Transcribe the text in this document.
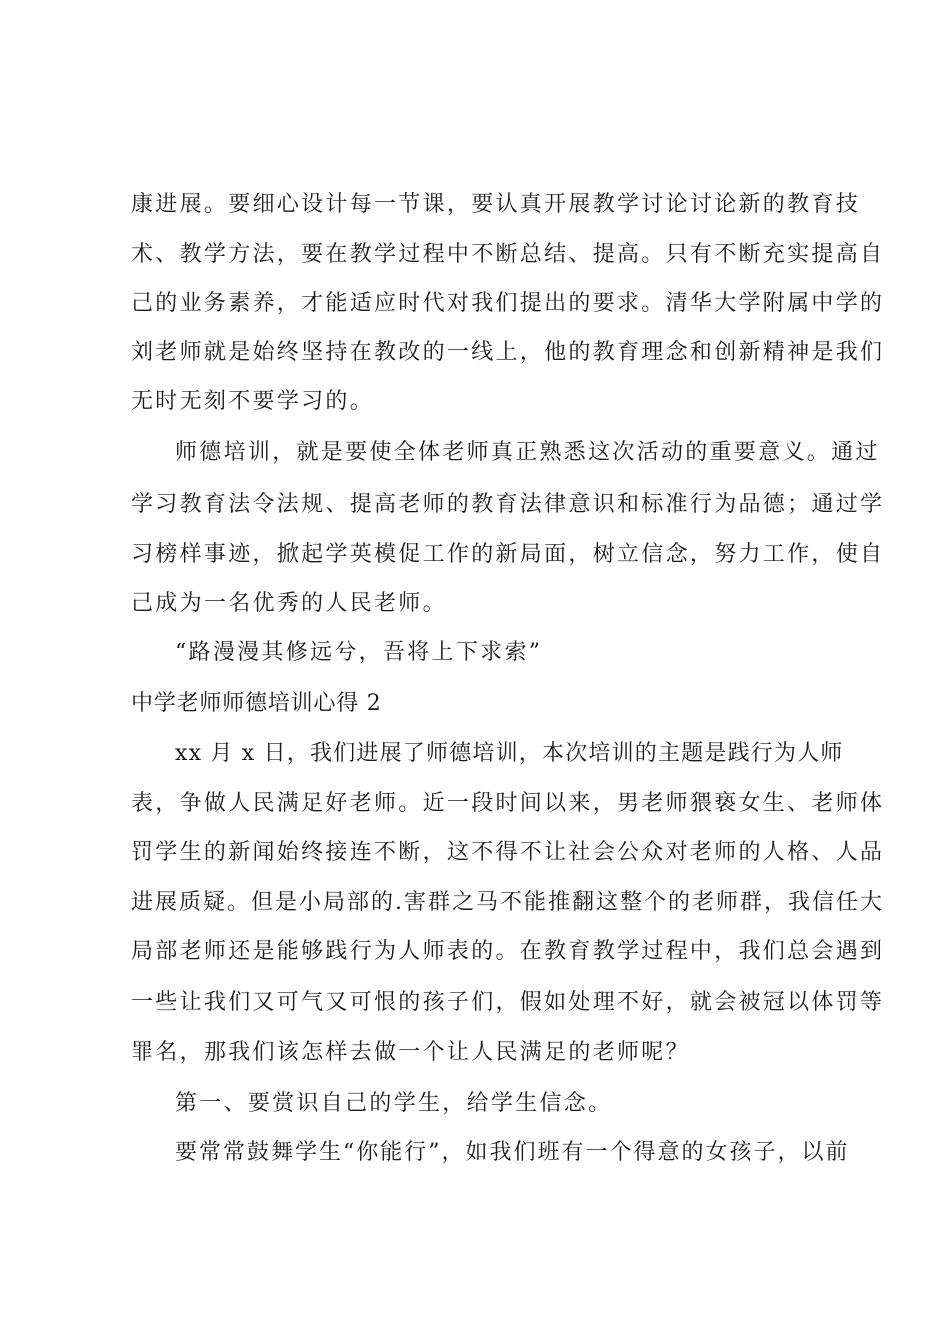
康进展。要细心设计每一节课，要认真开展教学讨论讨论新的教育技
术、教学方法，要在教学过程中不断总结、提高。只有不断充实提高自
己的业务素养，才能适应时代对我们提出的要求。清华大学附属中学的
刘老师就是始终坚持在教改的一线上，他的教育理念和创新精神是我们
无时无刻不要学习的。
师德培训，就是要使全体老师真正熟悉这次活动的重要意义。通过
学习教育法令法规、提高老师的教育法律意识和标准行为品德；通过学
习榜样事迹，掀起学英模促工作的新局面，树立信念，努力工作，使自
己成为一名优秀的人民老师。
“路漫漫其修远兮，吾将上下求索”
中学老师师德培训心得 2
xx 月 x 日，我们进展了师德培训，本次培训的主题是践行为人师
表，争做人民满足好老师。近一段时间以来，男老师猥亵女生、老师体
罚学生的新闻始终接连不断，这不得不让社会公众对老师的人格、人品
进展质疑。但是小局部的.害群之马不能推翻这整个的老师群，我信任大
局部老师还是能够践行为人师表的。在教育教学过程中，我们总会遇到
一些让我们又可气又可恨的孩子们，假如处理不好，就会被冠以体罚等
罪名，那我们该怎样去做一个让人民满足的老师呢？
第一、要赏识自己的学生，给学生信念。
要常常鼓舞学生“你能行”，如我们班有一个得意的女孩子，以前
